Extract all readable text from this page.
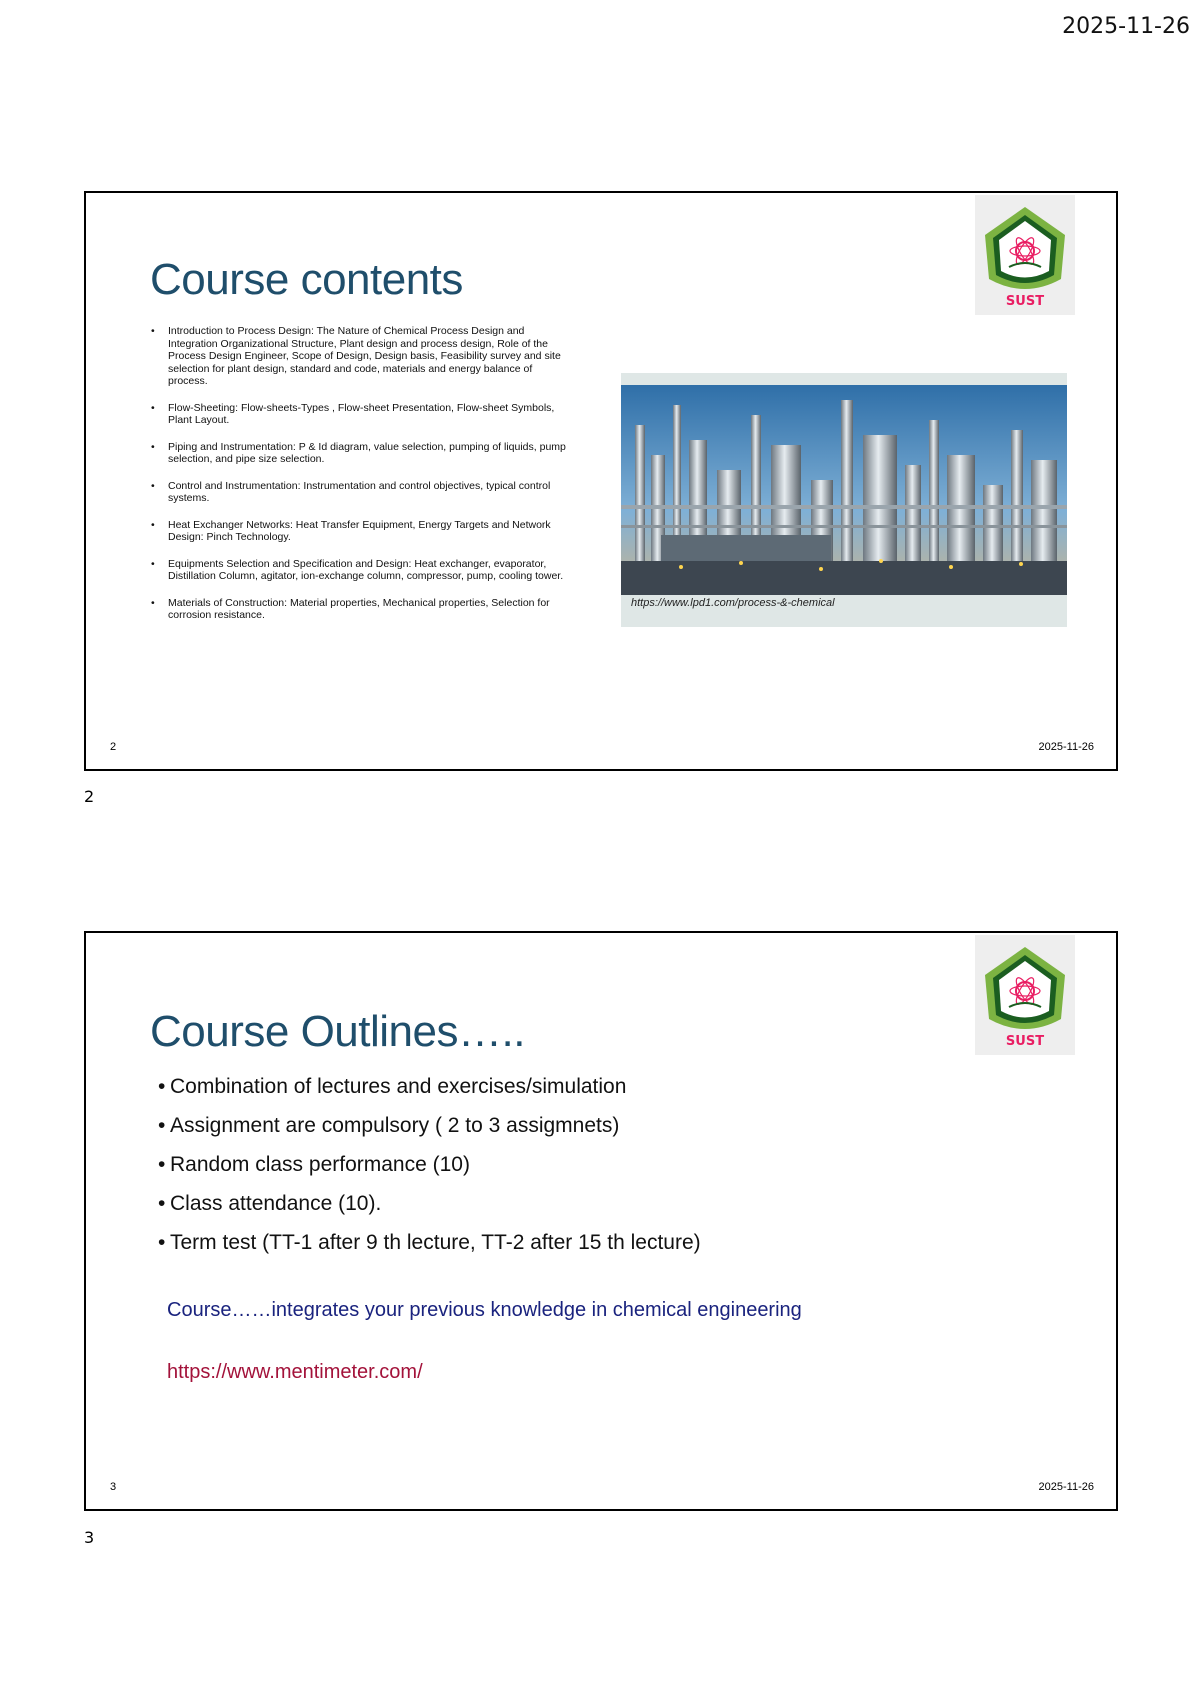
2025-11-26
Course contents	SUST
• Introduction to Process Design: The Nature of Chemical Process Design and Integration Organizational Structure, Plant design and process design, Role of the Process Design Engineer, Scope of Design, Design basis, Feasibility survey and site selection for plant design, standard and code, materials and energy balance of process.
• Flow-Sheeting: Flow-sheets-Types , Flow-sheet Presentation, Flow-sheet Symbols, Plant Layout.
• Piping and Instrumentation: P & Id diagram, value selection, pumping of liquids, pump selection, and pipe size selection.
• Control and Instrumentation: Instrumentation and control objectives, typical control systems.
• Heat Exchanger Networks: Heat Transfer Equipment, Energy Targets and Network Design: Pinch Technology.
• Equipments Selection and Specification and Design: Heat exchanger, evaporator, Distillation Column, agitator, ion-exchange column, compressor, pump, cooling tower.
• Materials of Construction: Material properties, Mechanical properties, Selection for corrosion resistance.
https://www.lpd1.com/process-&-chemical
2	2025-11-26
2
Course Outlines…..	SUST
• Combination of lectures and exercises/simulation
• Assignment are compulsory ( 2 to 3 assigmnets)
• Random class performance (10)
• Class attendance (10).
• Term test (TT-1 after 9 th lecture, TT-2 after 15 th lecture)
Course……integrates your previous knowledge in chemical engineering
https://www.mentimeter.com/
3	2025-11-26
3
